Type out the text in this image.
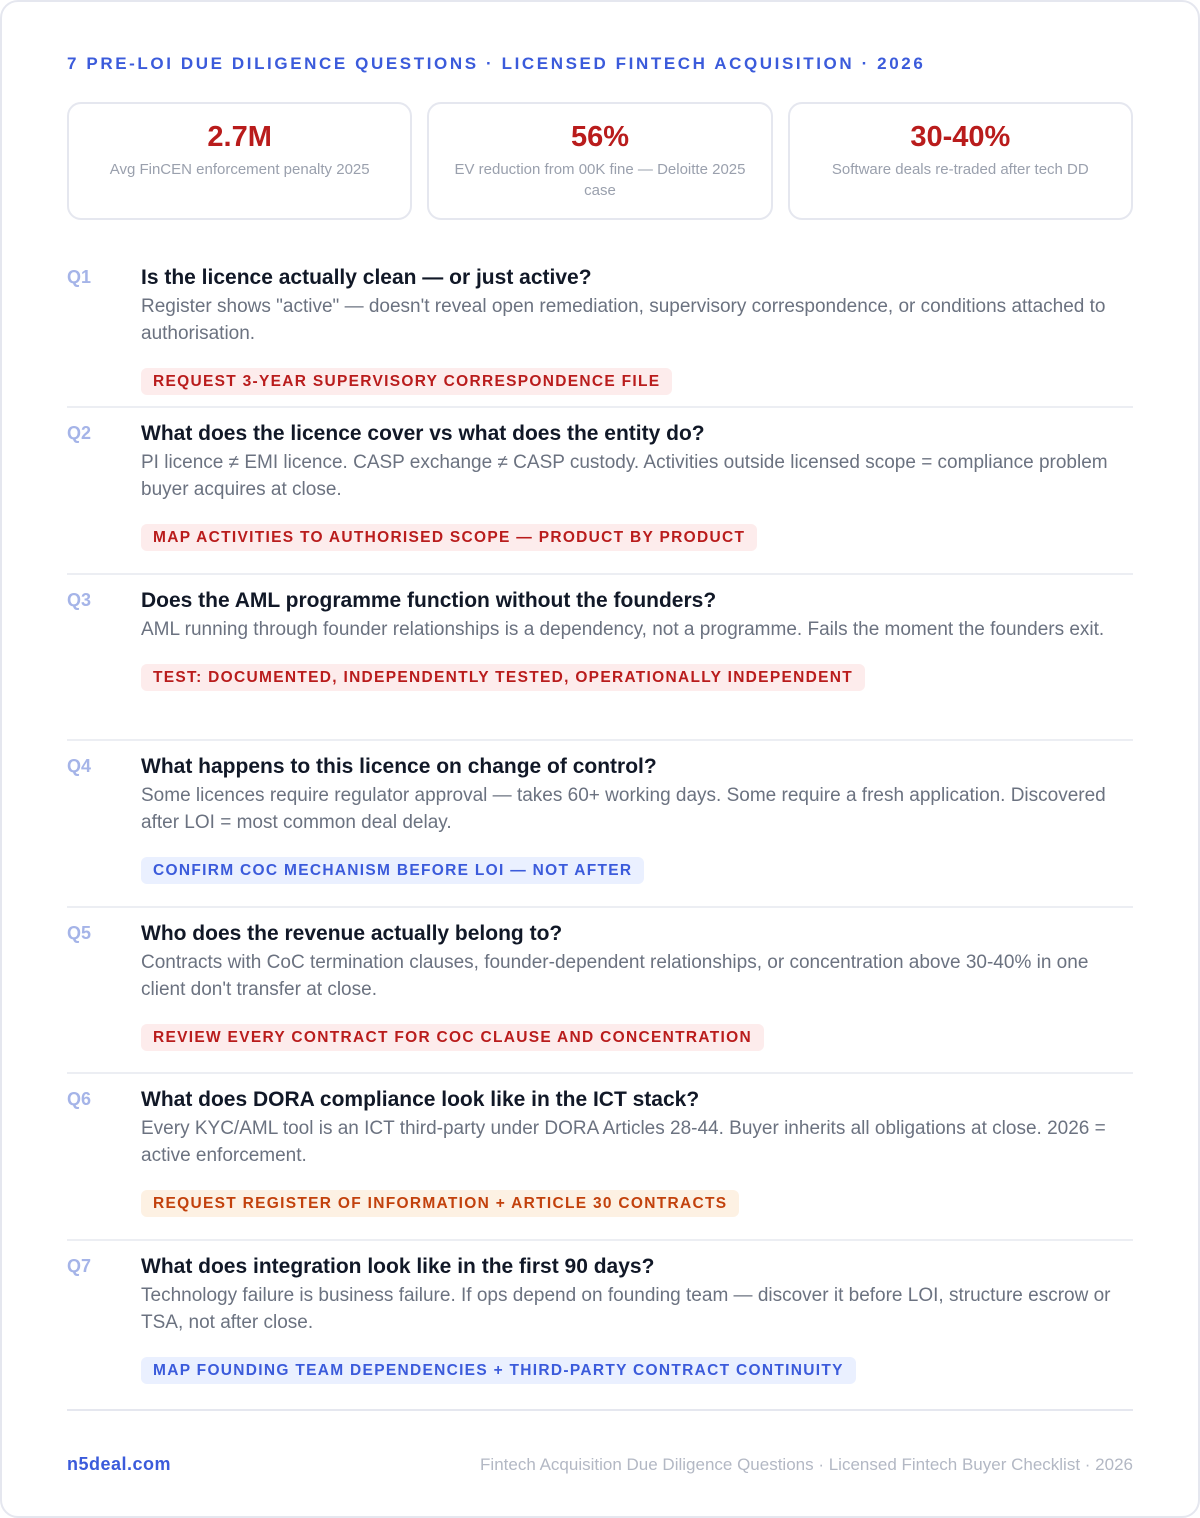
7 PRE-LOI DUE DILIGENCE QUESTIONS · LICENSED FINTECH ACQUISITION · 2026
2.7M
Avg FinCEN enforcement penalty 2025
56%
EV reduction from 00K fine — Deloitte 2025 case
30-40%
Software deals re-traded after tech DD
Q1	Is the licence actually clean — or just active?
Register shows "active" — doesn't reveal open remediation, supervisory correspondence, or conditions attached to authorisation.
REQUEST 3-YEAR SUPERVISORY CORRESPONDENCE FILE
Q2	What does the licence cover vs what does the entity do?
PI licence ≠ EMI licence. CASP exchange ≠ CASP custody. Activities outside licensed scope = compliance problem buyer acquires at close.
MAP ACTIVITIES TO AUTHORISED SCOPE — PRODUCT BY PRODUCT
Q3	Does the AML programme function without the founders?
AML running through founder relationships is a dependency, not a programme. Fails the moment the founders exit.
TEST: DOCUMENTED, INDEPENDENTLY TESTED, OPERATIONALLY INDEPENDENT
Q4	What happens to this licence on change of control?
Some licences require regulator approval — takes 60+ working days. Some require a fresh application. Discovered after LOI = most common deal delay.
CONFIRM COC MECHANISM BEFORE LOI — NOT AFTER
Q5	Who does the revenue actually belong to?
Contracts with CoC termination clauses, founder-dependent relationships, or concentration above 30-40% in one client don't transfer at close.
REVIEW EVERY CONTRACT FOR COC CLAUSE AND CONCENTRATION
Q6	What does DORA compliance look like in the ICT stack?
Every KYC/AML tool is an ICT third-party under DORA Articles 28-44. Buyer inherits all obligations at close. 2026 = active enforcement.
REQUEST REGISTER OF INFORMATION + ARTICLE 30 CONTRACTS
Q7	What does integration look like in the first 90 days?
Technology failure is business failure. If ops depend on founding team — discover it before LOI, structure escrow or TSA, not after close.
MAP FOUNDING TEAM DEPENDENCIES + THIRD-PARTY CONTRACT CONTINUITY
n5deal.com	Fintech Acquisition Due Diligence Questions · Licensed Fintech Buyer Checklist · 2026
